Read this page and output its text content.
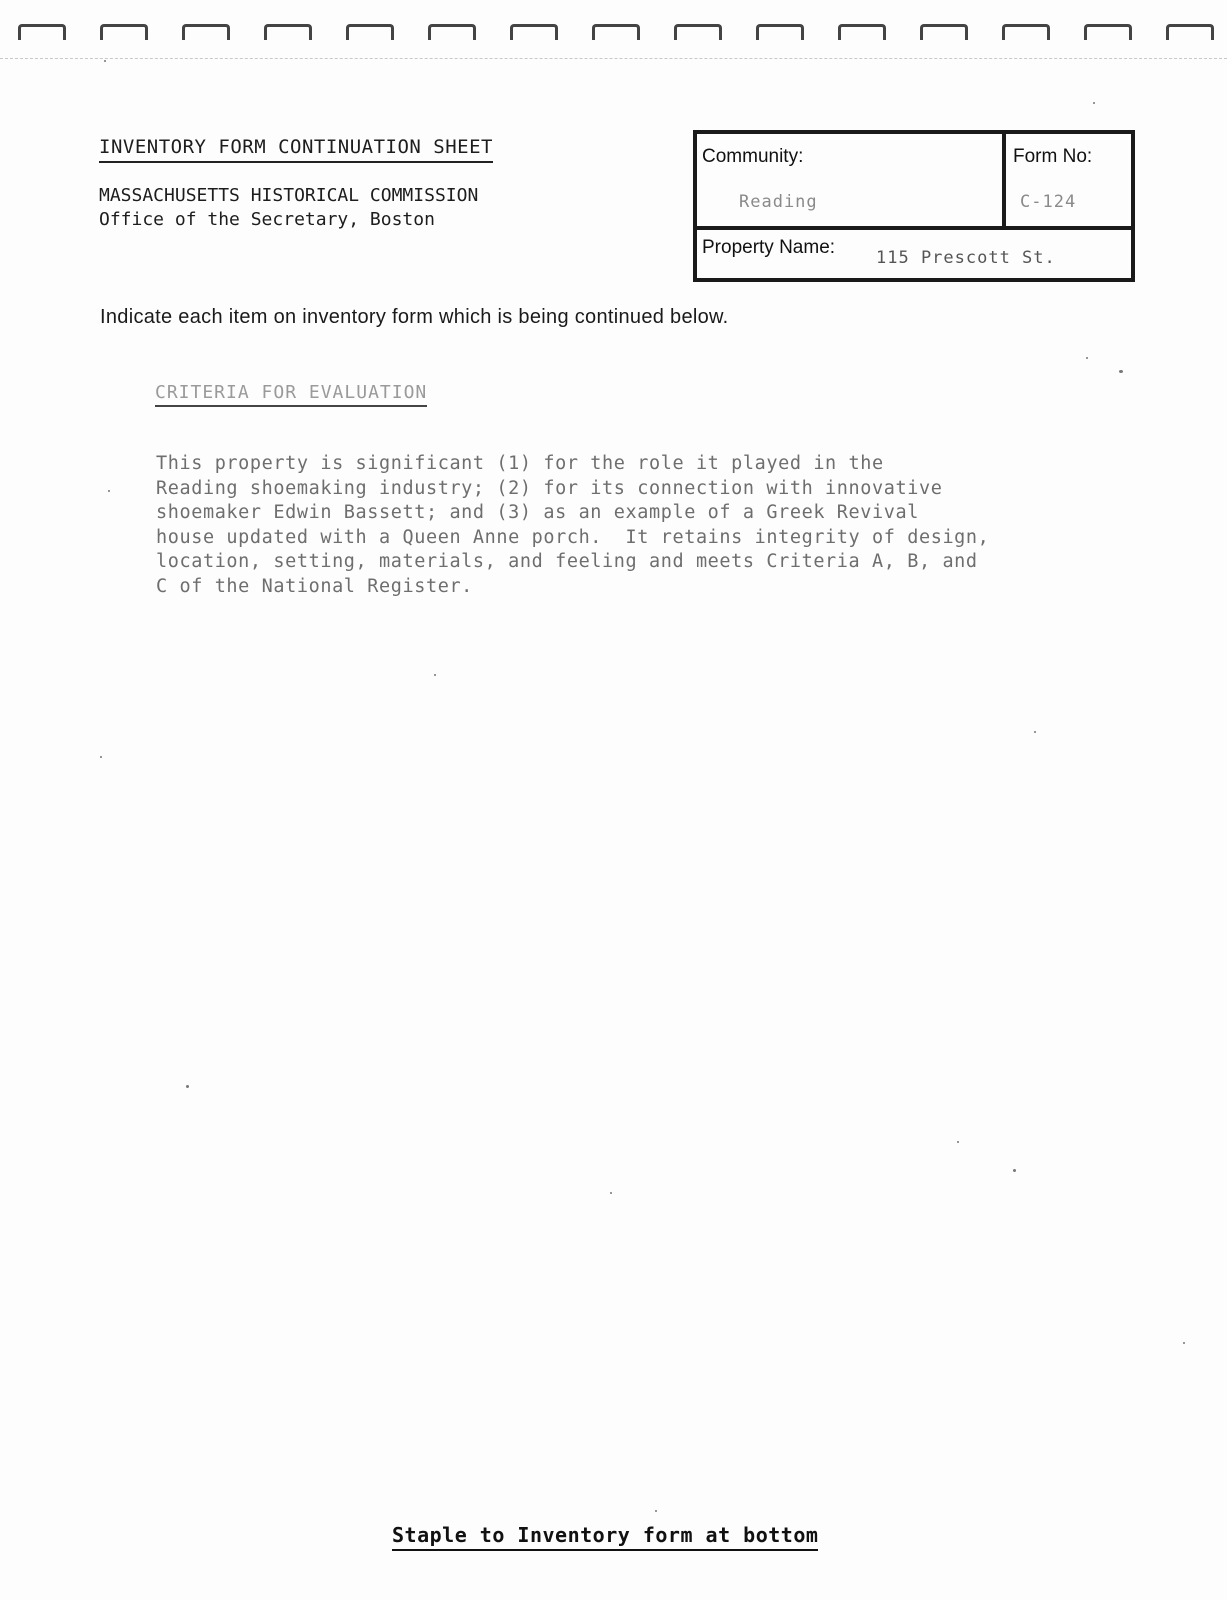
INVENTORY FORM CONTINUATION SHEET
MASSACHUSETTS HISTORICAL COMMISSION
Office of the Secretary, Boston
Community:
Reading
Form No:
C-124
Property Name: 115 Prescott St.
Indicate each item on inventory form which is being continued below.
CRITERIA FOR EVALUATION
This property is significant (1) for the role it played in the
Reading shoemaking industry; (2) for its connection with innovative
shoemaker Edwin Bassett; and (3) as an example of a Greek Revival
house updated with a Queen Anne porch.  It retains integrity of design,
location, setting, materials, and feeling and meets Criteria A, B, and
C of the National Register.
Staple to Inventory form at bottom
